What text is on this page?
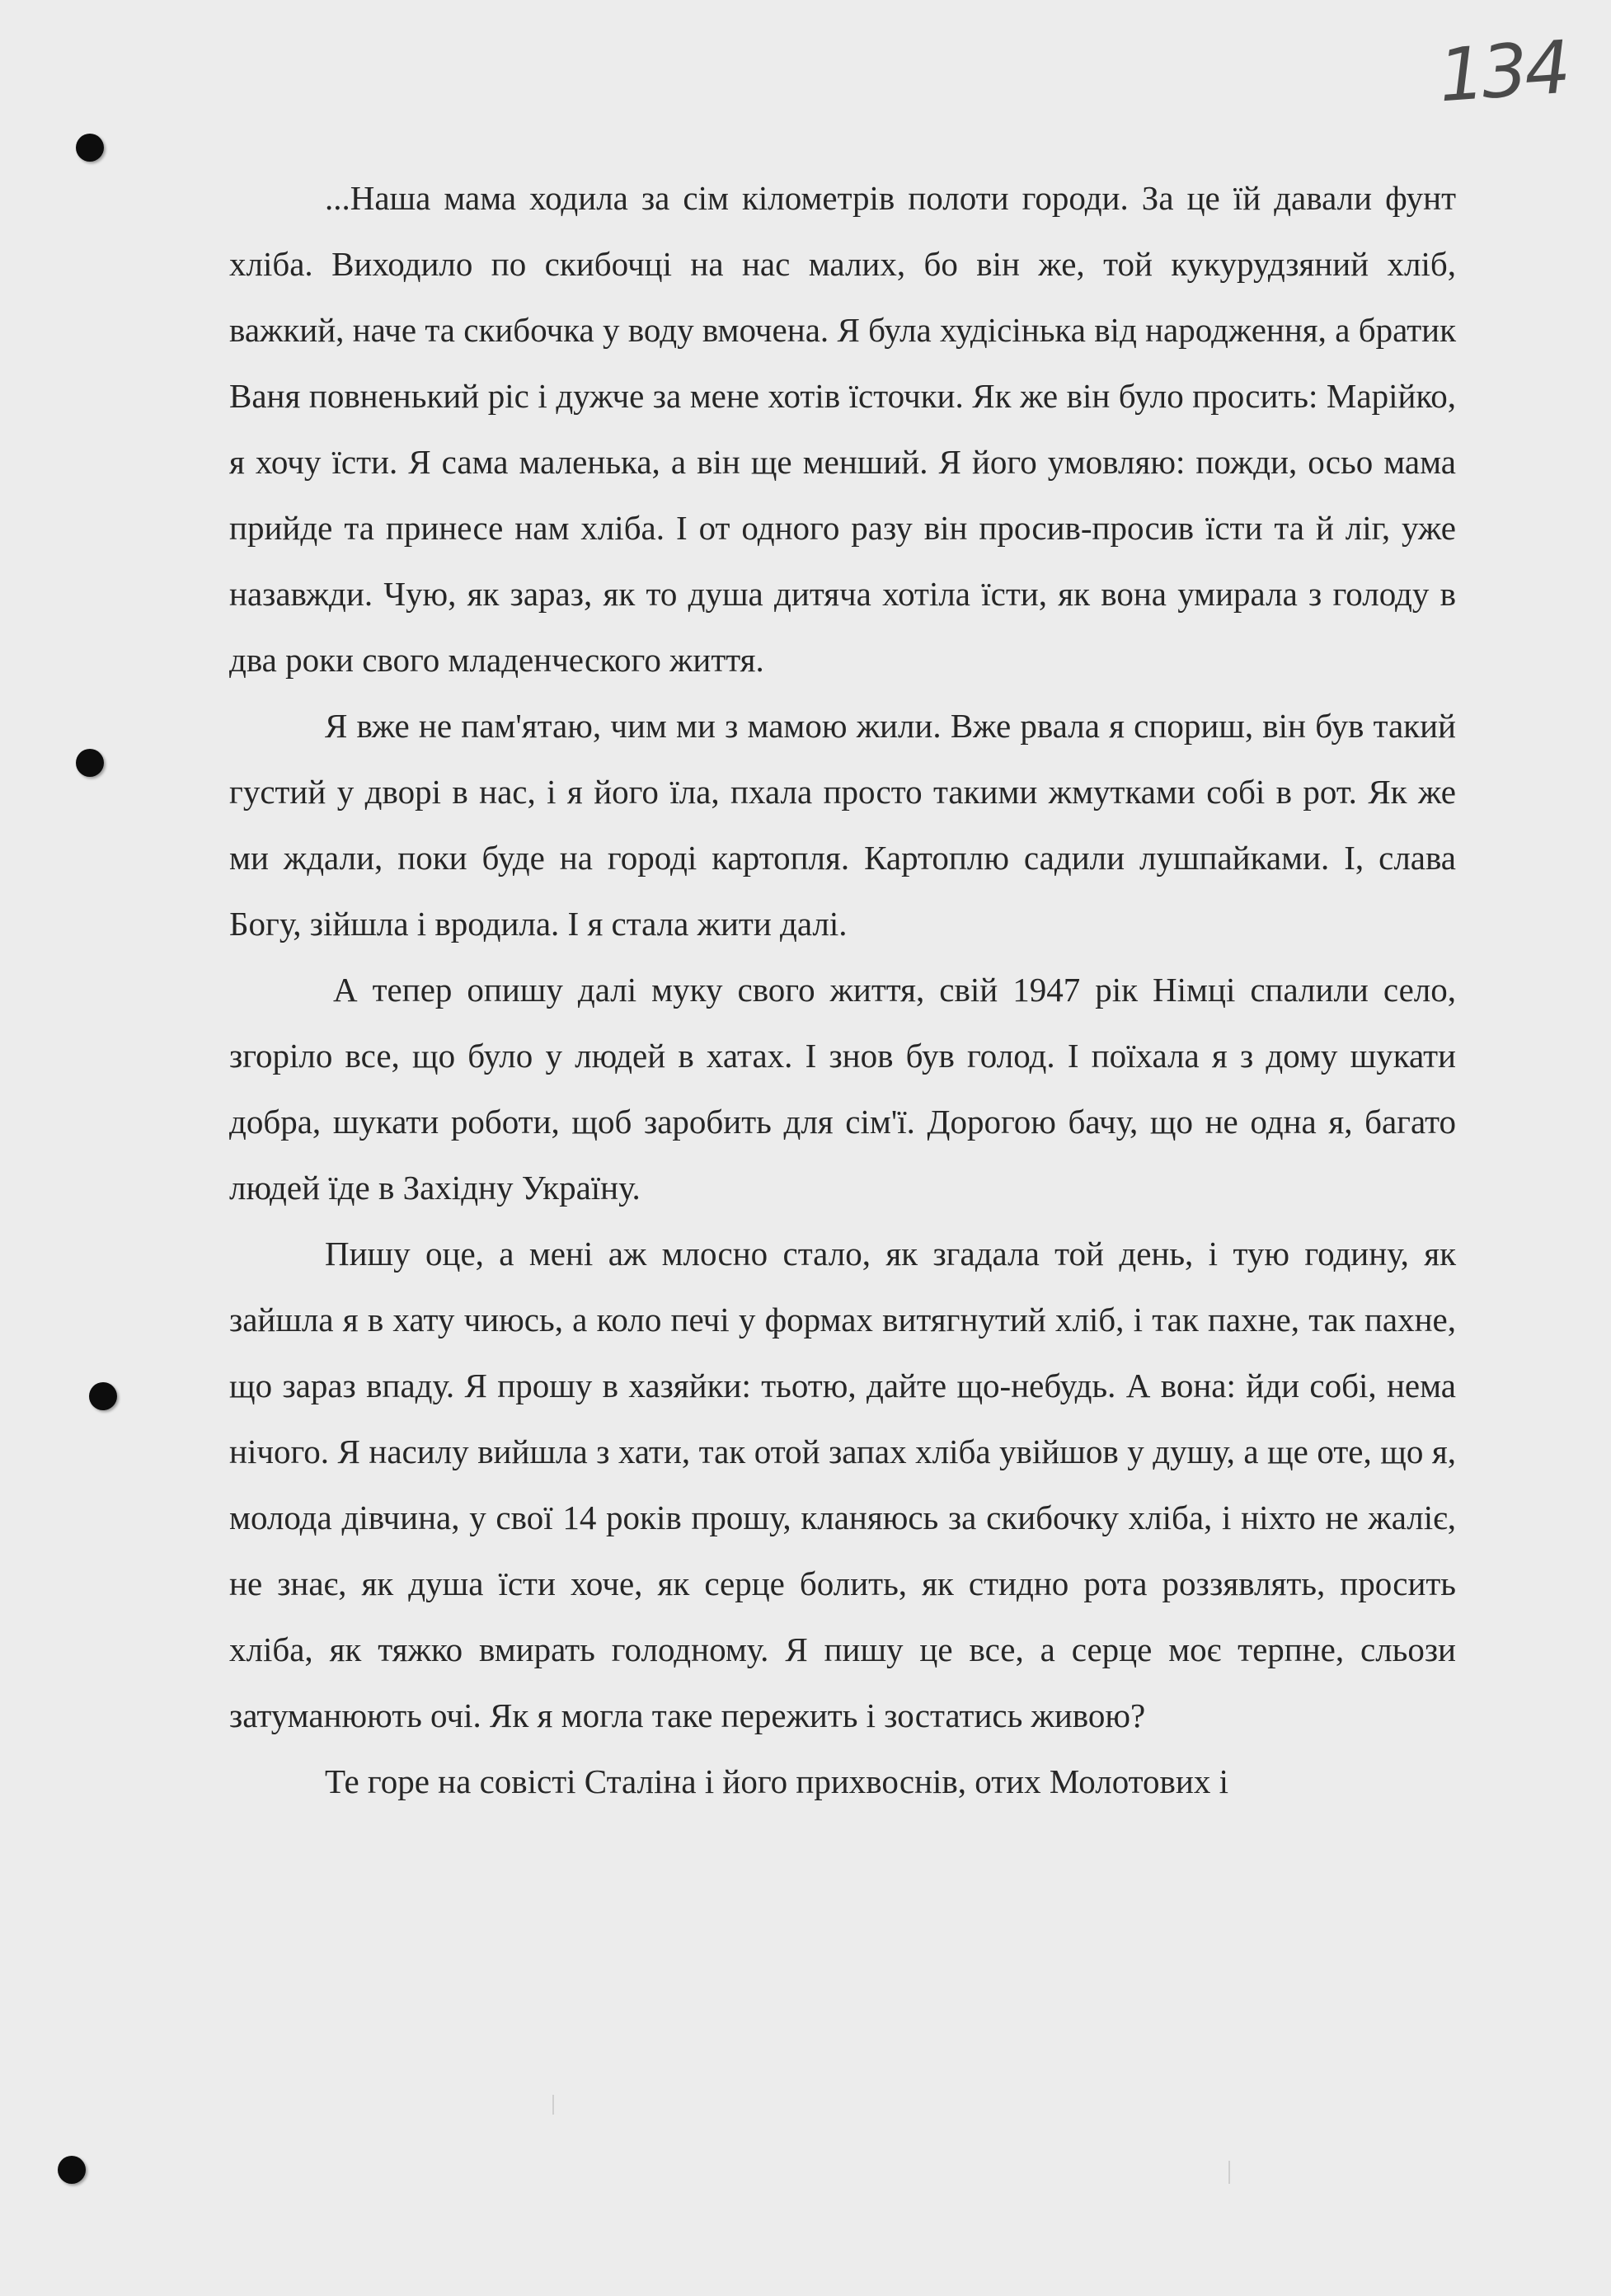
134

...Наша мама ходила за сім кілометрів полоти городи. За це їй давали фунт хліба. Виходило по скибочці на нас малих, бо він же, той кукурудзяний хліб, важкий, наче та скибочка у воду вмочена. Я була худісінька від народження, а братик Ваня повненький ріс і дужче за мене хотів їсточки. Як же він було просить: Марійко, я хочу їсти. Я сама маленька, а він ще менший. Я його умовляю: пожди, осьо мама прийде та принесе нам хліба. І от одного разу він просив-просив їсти та й ліг, уже назавжди. Чую, як зараз, як то душа дитяча хотіла їсти, як вона умирала з голоду в два роки свого младенческого життя.

Я вже не пам'ятаю, чим ми з мамою жили. Вже рвала я спориш, він був такий густий у дворі в нас, і я його їла, пхала просто такими жмутками собі в рот. Як же ми ждали, поки буде на городі картопля. Картоплю садили лушпайками. І, слава Богу, зійшла і вродила. І я стала жити далі.

А тепер опишу далі муку свого життя, свій 1947 рік Німці спалили село, згоріло все, що було у людей в хатах. І знов був голод. І поїхала я з дому шукати добра, шукати роботи, щоб заробить для сім'ї. Дорогою бачу, що не одна я, багато людей їде в Західну Україну.

Пишу оце, а мені аж млосно стало, як згадала той день, і тую годину, як зайшла я в хату чиюсь, а коло печі у формах витягнутий хліб, і так пахне, так пахне, що зараз впаду. Я прошу в хазяйки: тьотю, дайте що-небудь. А вона: йди собі, нема нічого. Я насилу вийшла з хати, так отой запах хліба увійшов у душу, а ще оте, що я, молода дівчина, у свої 14 років прошу, кланяюсь за скибочку хліба, і ніхто не жаліє, не знає, як душа їсти хоче, як серце болить, як стидно рота роззявлять, просить хліба, як тяжко вмирать голодному. Я пишу це все, а серце моє терпне, сльози затуманюють очі. Як я могла таке пережить і зостатись живою?

Те горе на совісті Сталіна і його прихвоснів, отих Молотових і
